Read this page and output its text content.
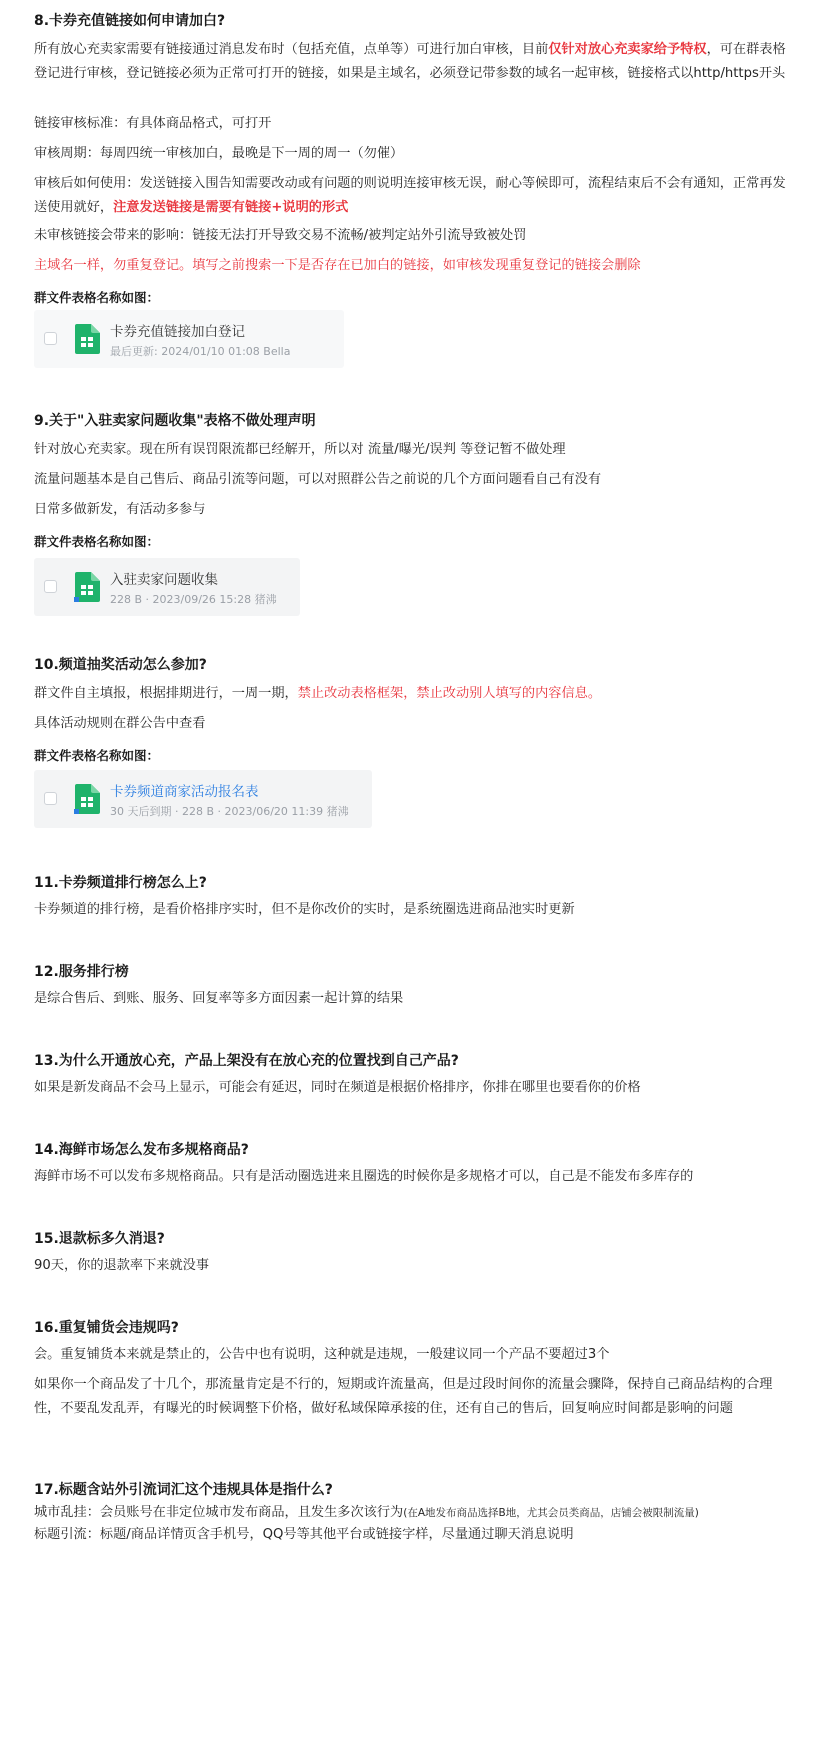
8.卡券充值链接如何申请加白?

所有放心充卖家需要有链接通过消息发布时（包括充值，点单等）可进行加白审核，目前仅针对放心充卖家给予特权，可在群表格登记进行审核，登记链接必须为正常可打开的链接，如果是主域名，必须登记带参数的域名一起审核，链接格式以http/https开头

链接审核标准：有具体商品格式，可打开

审核周期：每周四统一审核加白，最晚是下一周的周一（勿催）

审核后如何使用：发送链接入围告知需要改动或有问题的则说明连接审核无误，耐心等候即可，流程结束后不会有通知，正常再发送使用就好，注意发送链接是需要有链接+说明的形式

未审核链接会带来的影响：链接无法打开导致交易不流畅/被判定站外引流导致被处罚

主域名一样，勿重复登记。填写之前搜索一下是否存在已加白的链接，如审核发现重复登记的链接会删除

群文件表格名称如图：

卡券充值链接加白登记
最后更新: 2024/01/10 01:08 Bella
9.关于"入驻卖家问题收集"表格不做处理声明

针对放心充卖家。现在所有误罚限流都已经解开，所以对 流量/曝光/误判 等登记暂不做处理

流量问题基本是自己售后、商品引流等问题，可以对照群公告之前说的几个方面问题看自己有没有

日常多做新发，有活动多参与

群文件表格名称如图：

入驻卖家问题收集
228 B · 2023/09/26 15:28 猪沸
10.频道抽奖活动怎么参加?

群文件自主填报，根据排期进行，一周一期，禁止改动表格框架，禁止改动别人填写的内容信息。

具体活动规则在群公告中查看

群文件表格名称如图：

卡券频道商家活动报名表
30 天后到期 · 228 B · 2023/06/20 11:39 猪沸
11.卡券频道排行榜怎么上?

卡券频道的排行榜，是看价格排序实时，但不是你改价的实时，是系统圈选进商品池实时更新

12.服务排行榜

是综合售后、到账、服务、回复率等多方面因素一起计算的结果

13.为什么开通放心充，产品上架没有在放心充的位置找到自己产品?

如果是新发商品不会马上显示，可能会有延迟，同时在频道是根据价格排序，你排在哪里也要看你的价格

14.海鲜市场怎么发布多规格商品?

海鲜市场不可以发布多规格商品。只有是活动圈选进来且圈选的时候你是多规格才可以，自己是不能发布多库存的

15.退款标多久消退?

90天，你的退款率下来就没事

16.重复铺货会违规吗?

会。重复铺货本来就是禁止的，公告中也有说明，这种就是违规，一般建议同一个产品不要超过3个

如果你一个商品发了十几个，那流量肯定是不行的，短期或许流量高，但是过段时间你的流量会骤降，保持自己商品结构的合理性，不要乱发乱弄，有曝光的时候调整下价格，做好私域保障承接的住，还有自己的售后，回复响应时间都是影响的问题

17.标题含站外引流词汇这个违规具体是指什么?

城市乱挂：会员账号在非定位城市发布商品，且发生多次该行为(在A地发布商品选择B地，尤其会员类商品，店铺会被限制流量)

标题引流：标题/商品详情页含手机号，QQ号等其他平台或链接字样，尽量通过聊天消息说明
